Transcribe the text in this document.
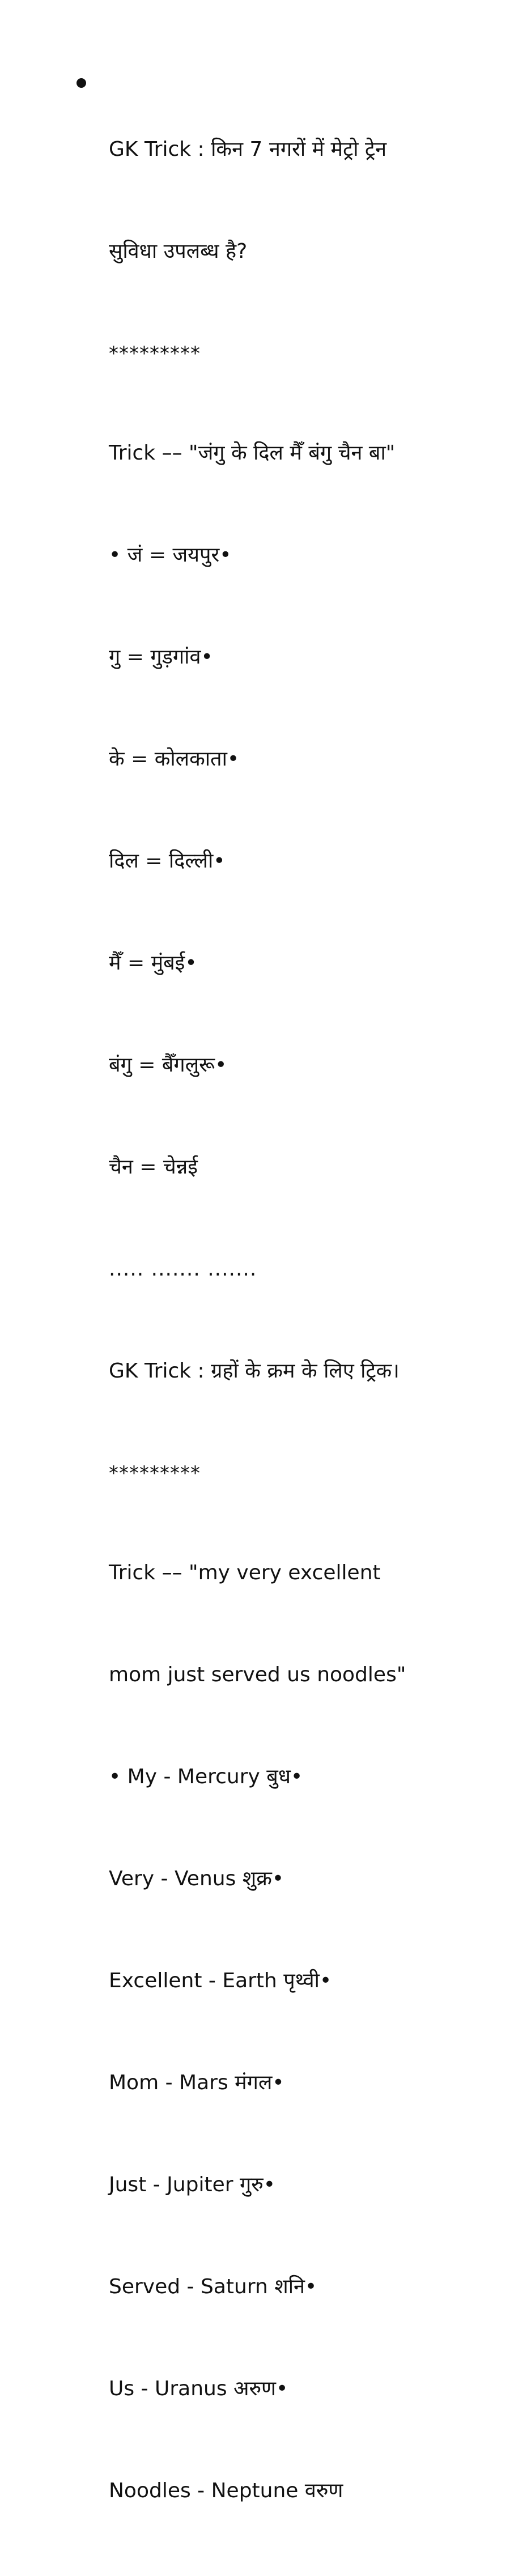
GK Trick : किन 7 नगरों में मेट्रो ट्रेन

सुविधा उपलब्ध है?

*********

Trick –– "जंगु के दिल मैँ बंगु चैन बा"

• जं = जयपुर•

गु = गुड़गांव•

के = कोलकाता•

दिल = दिल्ली•

मैँ = मुंबई•

बंगु = बैँगलुरू•

चैन = चेन्नई

..... ....... .......

GK Trick : ग्रहों के क्रम के लिए ट्रिक।

*********

Trick –– "my very excellent

mom just served us noodles"

• My - Mercury बुध•

Very - Venus शुक्र•

Excellent - Earth पृथ्वी•

Mom - Mars मंगल•

Just - Jupiter गुरु•

Served - Saturn शनि•

Us - Uranus अरुण•

Noodles - Neptune वरुण
